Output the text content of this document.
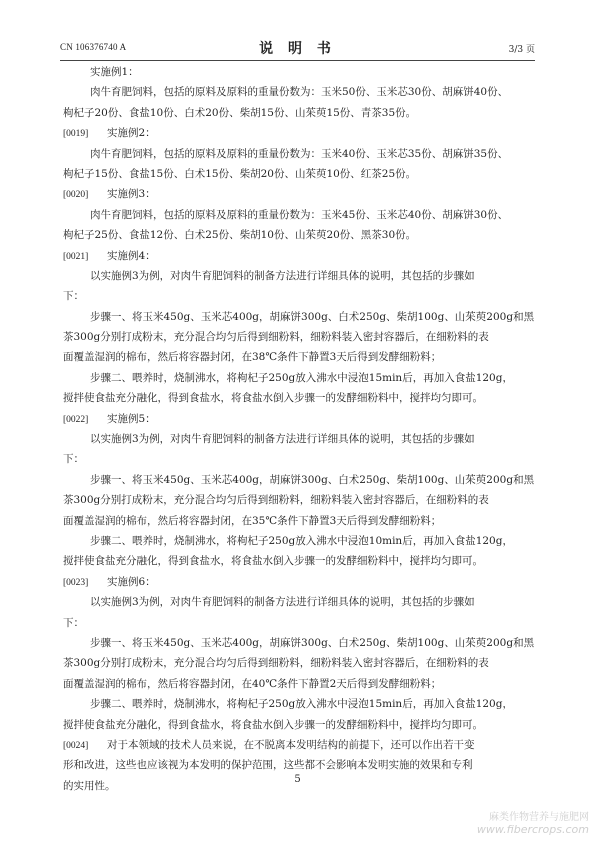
CN 106376740 A	说 明 书	3/3 页
实施例1：
肉牛育肥饲料，包括的原料及原料的重量份数为：玉米50份、玉米芯30份、胡麻饼40份、
枸杞子20份、食盐10份、白术20份、柴胡15份、山茱萸15份、青茶35份。
[0019] 实施例2：
肉牛育肥饲料，包括的原料及原料的重量份数为：玉米40份、玉米芯35份、胡麻饼35份、
枸杞子15份、食盐15份、白术15份、柴胡20份、山茱萸10份、红茶25份。
[0020] 实施例3：
肉牛育肥饲料，包括的原料及原料的重量份数为：玉米45份、玉米芯40份、胡麻饼30份、
枸杞子25份、食盐12份、白术25份、柴胡10份、山茱萸20份、黑茶30份。
[0021] 实施例4：
以实施例3为例，对肉牛育肥饲料的制备方法进行详细具体的说明，其包括的步骤如
下：
步骤一、将玉米450g、玉米芯400g，胡麻饼300g、白术250g、柴胡100g、山茱萸200g和黑
茶300g分别打成粉末，充分混合均匀后得到细粉料，细粉料装入密封容器后，在细粉料的表
面覆盖湿润的棉布，然后将容器封闭，在38℃条件下静置3天后得到发酵细粉料；
步骤二、喂养时，烧制沸水，将枸杞子250g放入沸水中浸泡15min后，再加入食盐120g，
搅拌使食盐充分融化，得到食盐水，将食盐水倒入步骤一的发酵细粉料中，搅拌均匀即可。
[0022] 实施例5：
以实施例3为例，对肉牛育肥饲料的制备方法进行详细具体的说明，其包括的步骤如
下：
步骤一、将玉米450g、玉米芯400g，胡麻饼300g、白术250g、柴胡100g、山茱萸200g和黑
茶300g分别打成粉末，充分混合均匀后得到细粉料，细粉料装入密封容器后，在细粉料的表
面覆盖湿润的棉布，然后将容器封闭，在35℃条件下静置3天后得到发酵细粉料；
步骤二、喂养时，烧制沸水，将枸杞子250g放入沸水中浸泡10min后，再加入食盐120g，
搅拌使食盐充分融化，得到食盐水，将食盐水倒入步骤一的发酵细粉料中，搅拌均匀即可。
[0023] 实施例6：
以实施例3为例，对肉牛育肥饲料的制备方法进行详细具体的说明，其包括的步骤如
下：
步骤一、将玉米450g、玉米芯400g，胡麻饼300g、白术250g、柴胡100g、山茱萸200g和黑
茶300g分别打成粉末，充分混合均匀后得到细粉料，细粉料装入密封容器后，在细粉料的表
面覆盖湿润的棉布，然后将容器封闭，在40℃条件下静置2天后得到发酵细粉料；
步骤二、喂养时，烧制沸水，将枸杞子250g放入沸水中浸泡15min后，再加入食盐120g，
搅拌使食盐充分融化，得到食盐水，将食盐水倒入步骤一的发酵细粉料中，搅拌均匀即可。
[0024] 对于本领域的技术人员来说，在不脱离本发明结构的前提下，还可以作出若干变
形和改进，这些也应该视为本发明的保护范围，这些都不会影响本发明实施的效果和专利
的实用性。
5
麻类作物营养与施肥网
www.fibercrops.com
